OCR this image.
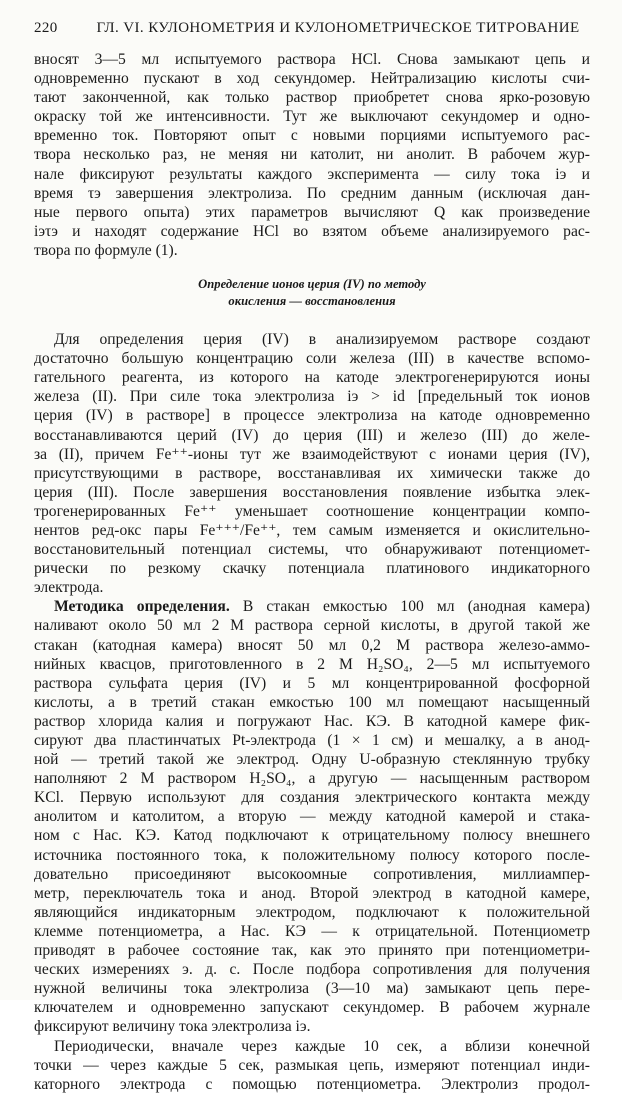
220	ГЛ. VI. КУЛОНОМЕТРИЯ И КУЛОНОМЕТРИЧЕСКОЕ ТИТРОВАНИЕ
вносят 3—5 мл испытуемого раствора HCl. Снова замыкают цепь и
одновременно пускают в ход секундомер. Нейтрализацию кислоты счи-
тают законченной, как только раствор приобретет снова ярко-розовую
окраску той же интенсивности. Тут же выключают секундомер и одно-
временно ток. Повторяют опыт с новыми порциями испытуемого рас-
твора несколько раз, не меняя ни католит, ни анолит. В рабочем жур-
нале фиксируют результаты каждого эксперимента — силу тока iэ и
время τэ завершения электролиза. По средним данным (исключая дан-
ные первого опыта) этих параметров вычисляют Q как произведение
iэτэ и находят содержание HCl во взятом объеме анализируемого рас-
твора по формуле (1).
Определение ионов церия (IV) по методу
окисления — восстановления
Для определения церия (IV) в анализируемом растворе создают
достаточно большую концентрацию соли железа (III) в качестве вспомо-
гательного реагента, из которого на катоде электрогенерируются ионы
железа (II). При силе тока электролиза iэ > id [предельный ток ионов
церия (IV) в растворе] в процессе электролиза на катоде одновременно
восстанавливаются церий (IV) до церия (III) и железо (III) до желе-
за (II), причем Fe⁺⁺-ионы тут же взаимодействуют с ионами церия (IV),
присутствующими в растворе, восстанавливая их химически также до
церия (III). После завершения восстановления появление избытка элек-
трогенерированных Fe⁺⁺ уменьшает соотношение концентрации компо-
нентов ред-окс пары Fe⁺⁺⁺/Fe⁺⁺, тем самым изменяется и окислительно-
восстановительный потенциал системы, что обнаруживают потенциомет-
рически по резкому скачку потенциала платинового индикаторного
электрода.
Методика определения. В стакан емкостью 100 мл (анодная камера)
наливают около 50 мл 2 M раствора серной кислоты, в другой такой же
стакан (катодная камера) вносят 50 мл 0,2 M раствора железо-аммо-
нийных квасцов, приготовленного в 2 M H₂SO₄, 2—5 мл испытуемого
раствора сульфата церия (IV) и 5 мл концентрированной фосфорной
кислоты, а в третий стакан емкостью 100 мл помещают насыщенный
раствор хлорида калия и погружают Нас. КЭ. В катодной камере фик-
сируют два пластинчатых Pt-электрода (1 × 1 см) и мешалку, а в анод-
ной — третий такой же электрод. Одну U-образную стеклянную трубку
наполняют 2 M раствором H₂SO₄, а другую — насыщенным раствором
KCl. Первую используют для создания электрического контакта между
анолитом и католитом, а вторую — между катодной камерой и стака-
ном с Нас. КЭ. Катод подключают к отрицательному полюсу внешнего
источника постоянного тока, к положительному полюсу которого после-
довательно присоединяют высокоомные сопротивления, миллиампер-
метр, переключатель тока и анод. Второй электрод в катодной камере,
являющийся индикаторным электродом, подключают к положительной
клемме потенциометра, а Нас. КЭ — к отрицательной. Потенциометр
приводят в рабочее состояние так, как это принято при потенциометри-
ческих измерениях э. д. с. После подбора сопротивления для получения
нужной величины тока электролиза (3—10 ма) замыкают цепь пере-
ключателем и одновременно запускают секундомер. В рабочем журнале
фиксируют величину тока электролиза iэ.
Периодически, вначале через каждые 10 сек, а вблизи конечной
точки — через каждые 5 сек, размыкая цепь, измеряют потенциал инди-
каторного электрода с помощью потенциометра. Электролиз продол-
